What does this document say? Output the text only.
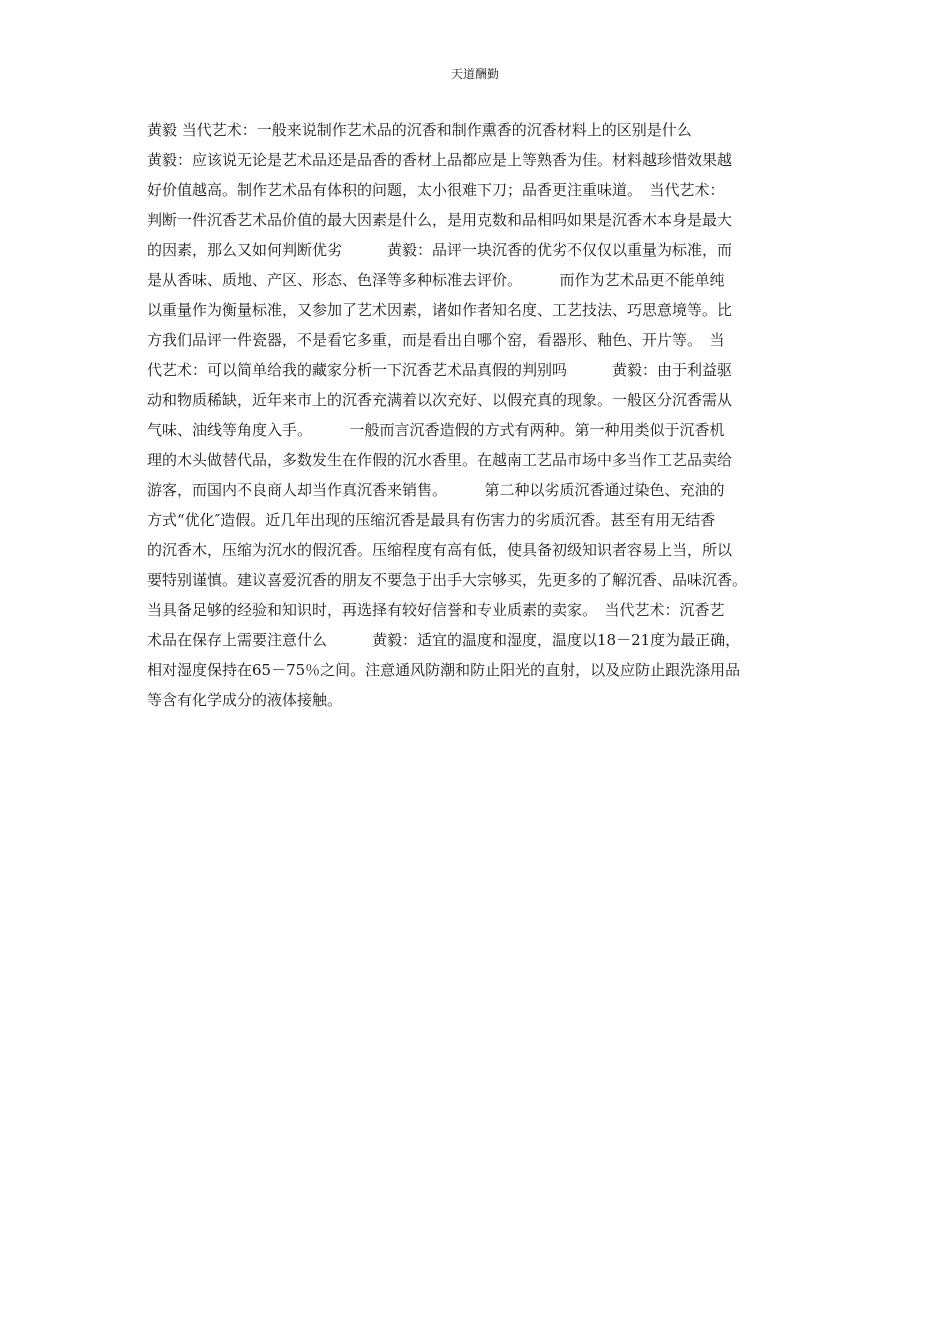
天道酬勤
黄毅 当代艺术：一般来说制作艺术品的沉香和制作熏香的沉香材料上的区别是什么
黄毅：应该说无论是艺术品还是品香的香材上品都应是上等熟香为佳。材料越珍惜效果越
好价值越高。制作艺术品有体积的问题，太小很难下刀；品香更注重味道。　当代艺术：
判断一件沉香艺术品价值的最大因素是什么，是用克数和品相吗如果是沉香木本身是最大
的因素，那么又如何判断优劣　　　黄毅：品评一块沉香的优劣不仅仅以重量为标准，而
是从香味、质地、产区、形态、色泽等多种标准去评价。　　　而作为艺术品更不能单纯
以重量作为衡量标准，又参加了艺术因素，诸如作者知名度、工艺技法、巧思意境等。比
方我们品评一件瓷器，不是看它多重，而是看出自哪个窑，看器形、釉色、开片等。　当
代艺术：可以简单给我的藏家分析一下沉香艺术品真假的判别吗　　　黄毅：由于利益驱
动和物质稀缺，近年来市上的沉香充满着以次充好、以假充真的现象。一般区分沉香需从
气味、油线等角度入手。　　　一般而言沉香造假的方式有两种。第一种用类似于沉香机
理的木头做替代品，多数发生在作假的沉水香里。在越南工艺品市场中多当作工艺品卖给
游客，而国内不良商人却当作真沉香来销售。　　　第二种以劣质沉香通过染色、充油的
方式“优化″造假。近几年出现的压缩沉香是最具有伤害力的劣质沉香。甚至有用无结香
的沉香木，压缩为沉水的假沉香。压缩程度有高有低，使具备初级知识者容易上当，所以
要特别谨慎。建议喜爱沉香的朋友不要急于出手大宗够买，先更多的了解沉香、品味沉香。
当具备足够的经验和知识时，再选择有较好信誉和专业质素的卖家。　当代艺术：沉香艺
术品在保存上需要注意什么　　　黄毅：适宜的温度和湿度，温度以18－21度为最正确，
相对湿度保持在65－75％之间。注意通风防潮和防止阳光的直射，以及应防止跟洗涤用品
等含有化学成分的液体接触。
